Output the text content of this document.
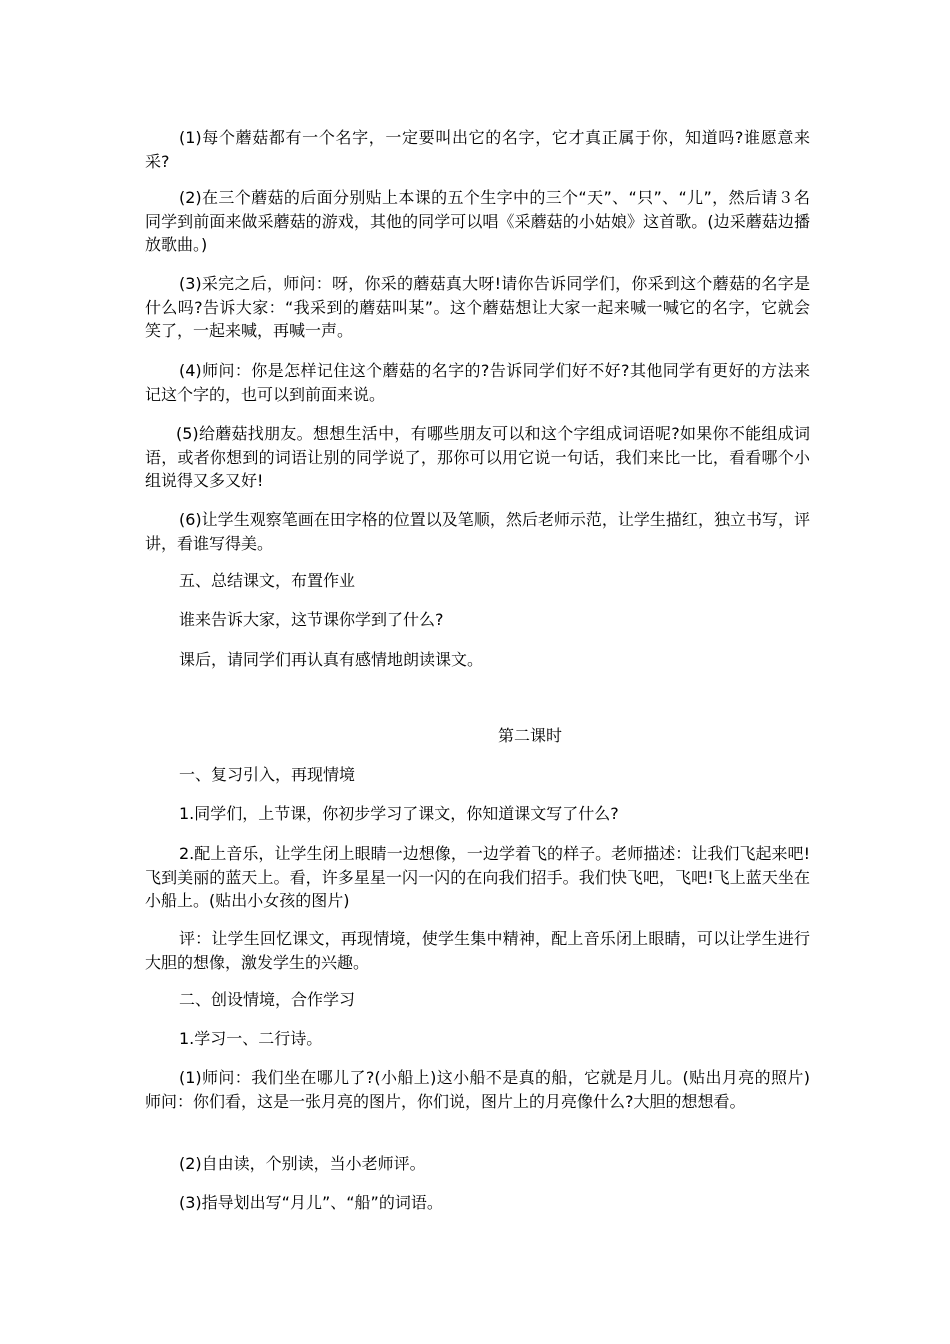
(1)每个蘑菇都有一个名字，一定要叫出它的名字，它才真正属于你，知道吗?谁愿意来采?

(2)在三个蘑菇的后面分别贴上本课的五个生字中的三个“天”、“只”、“儿”，然后请３名同学到前面来做采蘑菇的游戏，其他的同学可以唱《采蘑菇的小姑娘》这首歌。(边采蘑菇边播放歌曲。)

(3)采完之后，师问：呀，你采的蘑菇真大呀!请你告诉同学们，你采到这个蘑菇的名字是什么吗?告诉大家：“我采到的蘑菇叫某”。这个蘑菇想让大家一起来喊一喊它的名字，它就会笑了，一起来喊，再喊一声。

(4)师问：你是怎样记住这个蘑菇的名字的?告诉同学们好不好?其他同学有更好的方法来记这个字的，也可以到前面来说。

(5)给蘑菇找朋友。想想生活中，有哪些朋友可以和这个字组成词语呢?如果你不能组成词语，或者你想到的词语让别的同学说了，那你可以用它说一句话，我们来比一比，看看哪个小组说得又多又好!

(6)让学生观察笔画在田字格的位置以及笔顺，然后老师示范，让学生描红，独立书写，评讲，看谁写得美。

五、总结课文，布置作业

谁来告诉大家，这节课你学到了什么?

课后，请同学们再认真有感情地朗读课文。

第二课时

一、复习引入，再现情境

1.同学们，上节课，你初步学习了课文，你知道课文写了什么?

2.配上音乐，让学生闭上眼睛一边想像，一边学着飞的样子。老师描述：让我们飞起来吧!飞到美丽的蓝天上。看，许多星星一闪一闪的在向我们招手。我们快飞吧，飞吧!飞上蓝天坐在小船上。(贴出小女孩的图片)

评：让学生回忆课文，再现情境，使学生集中精神，配上音乐闭上眼睛，可以让学生进行大胆的想像，激发学生的兴趣。

二、创设情境，合作学习

1.学习一、二行诗。

(1)师问：我们坐在哪儿了?(小船上)这小船不是真的船，它就是月儿。(贴出月亮的照片)师问：你们看，这是一张月亮的图片，你们说，图片上的月亮像什么?大胆的想想看。

(2)自由读，个别读，当小老师评。

(3)指导划出写“月儿”、“船”的词语。
